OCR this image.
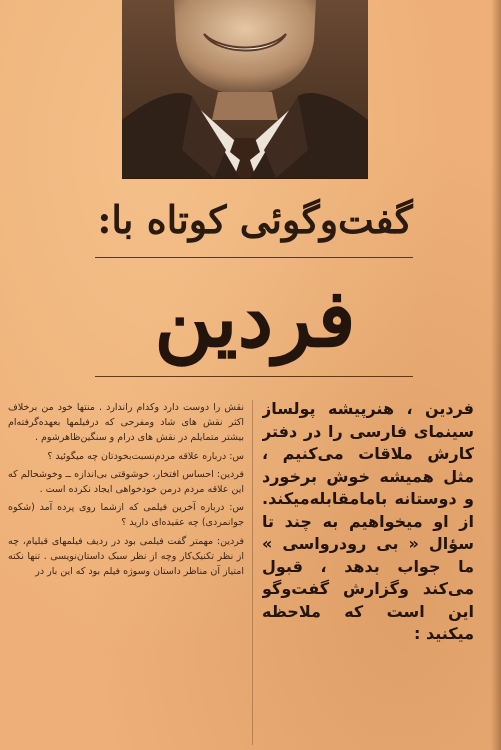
گفت‌وگوئی کوتاه با:
فردین

فردین ، هنرپیشه پولساز سینمای فارسی را در دفتر کارش ملاقات می‌کنیم ، مثل همیشه خوش برخورد و دوستانه بامامقابله‌میکند. از او میخواهیم به چند تا سؤال « بی رودرواسی » ما جواب بدهد ، قبول می‌کند وگزارش گفت‌وگو این است که ملاحظه میکنید :

نقش را دوست دارد وکدام راندارد . منتها خود من برخلاف اکثر نقش های شاد ومفرحی که درفیلمها بعهده‌گرفته‌ام بیشتر متمایلم در نقش های درام و سنگین‌ظاهرشوم .

س: درباره علاقه مردم‌نسبت‌بخودتان چه میگوئید ؟

فردین: احساس افتخار، خوشوقتی بی‌اندازه ــ وخوشحالم که این علاقه مردم درمن خودخواهی ایجاد نکرده است .

س: درباره آخرین فیلمی که ازشما روی پرده آمد (شکوه جوانمردی) چه عقیده‌ای دارید ؟

فردین: مهمتر گفت فیلمی بود در ردیف فیلمهای قبلیام، چه از نظر تکنیک‌کار وچه از نظر سبک داستان‌نویسی . تنها نکته امتیاز آن مناظر داستان وسوژه فیلم بود که این بار در
